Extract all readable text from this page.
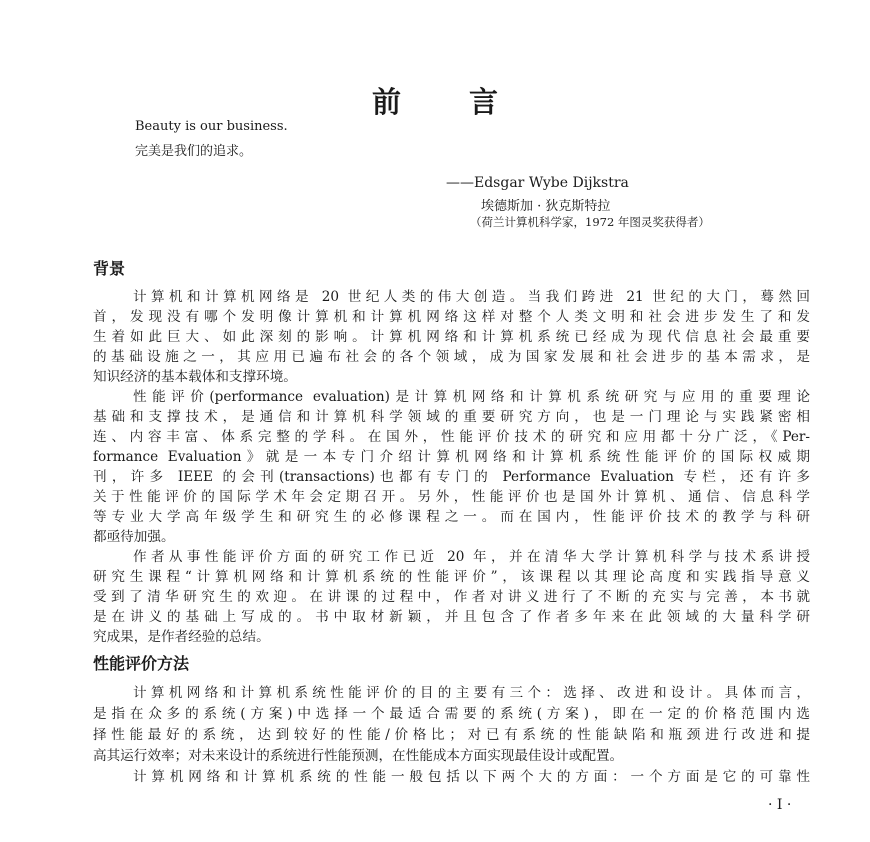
前 言
Beauty is our business.
完美是我们的追求。
——Edsgar Wybe Dijkstra
埃德斯加 · 狄克斯特拉
（荷兰计算机科学家，1972 年图灵奖获得者）
背景
计算机和计算机网络是 20 世纪人类的伟大创造。当我们跨进 21 世纪的大门，蓦然回
首，发现没有哪个发明像计算机和计算机网络这样对整个人类文明和社会进步发生了和发
生着如此巨大、如此深刻的影响。计算机网络和计算机系统已经成为现代信息社会最重要
的基础设施之一，其应用已遍布社会的各个领域，成为国家发展和社会进步的基本需求，是
知识经济的基本载体和支撑环境。
性能评价(performance evaluation)是计算机网络和计算机系统研究与应用的重要理论
基础和支撑技术，是通信和计算机科学领域的重要研究方向，也是一门理论与实践紧密相
连、内容丰富、体系完整的学科。在国外，性能评价技术的研究和应用都十分广泛，《Per-
formance Evaluation》就是一本专门介绍计算机网络和计算机系统性能评价的国际权威期
刊，许多 IEEE 的会刊(transactions)也都有专门的 Performance Evaluation 专栏，还有许多
关于性能评价的国际学术年会定期召开。另外，性能评价也是国外计算机、通信、信息科学
等专业大学高年级学生和研究生的必修课程之一。而在国内，性能评价技术的教学与科研
都亟待加强。
作者从事性能评价方面的研究工作已近 20 年，并在清华大学计算机科学与技术系讲授
研究生课程“计算机网络和计算机系统的性能评价”，该课程以其理论高度和实践指导意义
受到了清华研究生的欢迎。在讲课的过程中，作者对讲义进行了不断的充实与完善，本书就
是在讲义的基础上写成的。书中取材新颖，并且包含了作者多年来在此领域的大量科学研
究成果，是作者经验的总结。
性能评价方法
计算机网络和计算机系统性能评价的目的主要有三个：选择、改进和设计。具体而言，
是指在众多的系统(方案)中选择一个最适合需要的系统(方案)，即在一定的价格范围内选
择性能最好的系统，达到较好的性能/价格比；对已有系统的性能缺陷和瓶颈进行改进和提
高其运行效率；对未来设计的系统进行性能预测，在性能成本方面实现最佳设计或配置。
计算机网络和计算机系统的性能一般包括以下两个大的方面：一个方面是它的可靠性
· I ·
